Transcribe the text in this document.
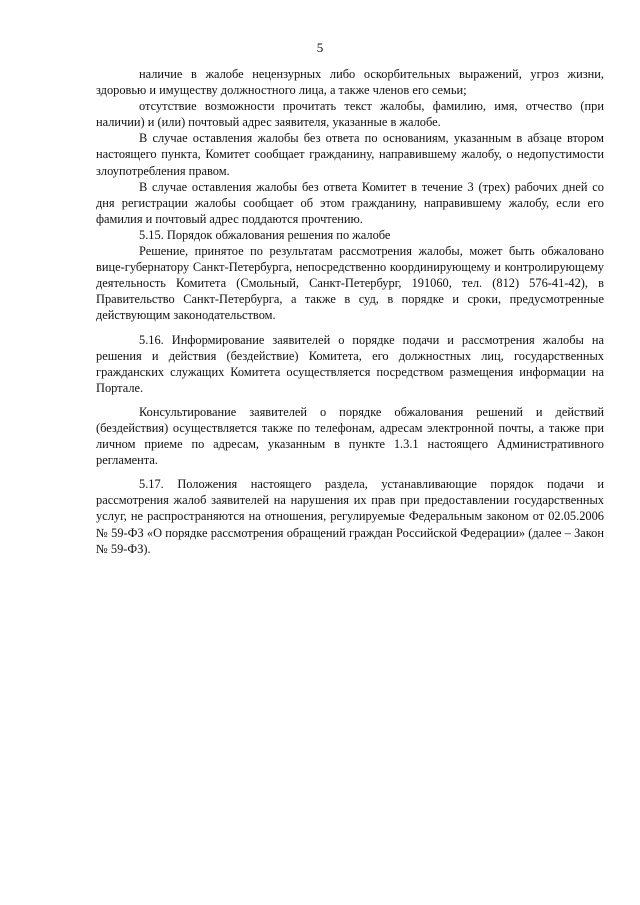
5

наличие в жалобе нецензурных либо оскорбительных выражений, угроз жизни, здоровью и имуществу должностного лица, а также членов его семьи;

отсутствие возможности прочитать текст жалобы, фамилию, имя, отчество (при наличии) и (или) почтовый адрес заявителя, указанные в жалобе.

В случае оставления жалобы без ответа по основаниям, указанным в абзаце втором настоящего пункта, Комитет сообщает гражданину, направившему жалобу, о недопустимости злоупотребления правом.

В случае оставления жалобы без ответа Комитет в течение 3 (трех) рабочих дней со дня регистрации жалобы сообщает об этом гражданину, направившему жалобу, если его фамилия и почтовый адрес поддаются прочтению.

5.15. Порядок обжалования решения по жалобе

Решение, принятое по результатам рассмотрения жалобы, может быть обжаловано вице-губернатору Санкт-Петербурга, непосредственно координирующему и контролирующему деятельность Комитета (Смольный, Санкт-Петербург, 191060, тел. (812) 576-41-42), в Правительство Санкт-Петербурга, а также в суд, в порядке и сроки, предусмотренные действующим законодательством.

5.16. Информирование заявителей о порядке подачи и рассмотрения жалобы на решения и действия (бездействие) Комитета, его должностных лиц, государственных гражданских служащих Комитета осуществляется посредством размещения информации на Портале.

Консультирование заявителей о порядке обжалования решений и действий (бездействия) осуществляется также по телефонам, адресам электронной почты, а также при личном приеме по адресам, указанным в пункте 1.3.1 настоящего Административного регламента.

5.17. Положения настоящего раздела, устанавливающие порядок подачи и рассмотрения жалоб заявителей на нарушения их прав при предоставлении государственных услуг, не распространяются на отношения, регулируемые Федеральным законом от 02.05.2006 № 59-ФЗ «О порядке рассмотрения обращений граждан Российской Федерации» (далее – Закон № 59-ФЗ).
